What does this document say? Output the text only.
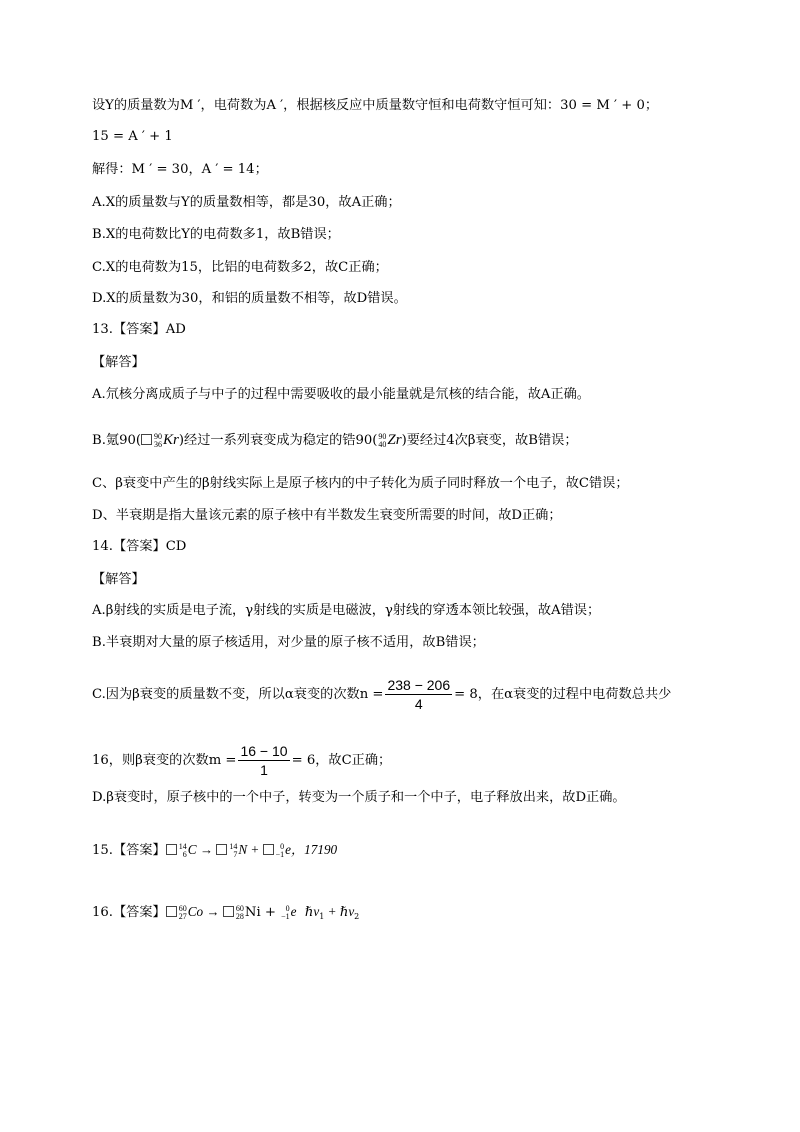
设Y的质量数为M ′，电荷数为A ′，根据核反应中质量数守恒和电荷数守恒可知：30 = M ′ + 0；
15 = A ′ + 1
解得：M ′ = 30，A ′ = 14；
A.X的质量数与Y的质量数相等，都是30，故A正确；
B.X的电荷数比Y的电荷数多1，故B错误；
C.X的电荷数为15，比铝的电荷数多2，故C正确；
D.X的质量数为30，和铝的质量数不相等，故D错误。
13.【答案】AD
【解答】
A.氘核分离成质子与中子的过程中需要吸收的最小能量就是氘核的结合能，故A正确。
B.氪90( 90
36 Kr)经过一系列衰变成为稳定的锆90( 90
40 Zr)要经过4次β衰变，故B错误；
C、β衰变中产生的β射线实际上是原子核内的中子转化为质子同时释放一个电子，故C错误；
D、半衰期是指大量该元素的原子核中有半数发生衰变所需要的时间，故D正确；
14.【答案】CD
【解答】
A.β射线的实质是电子流，γ射线的实质是电磁波，γ射线的穿透本领比较强，故A错误；
B.半衰期对大量的原子核适用，对少量的原子核不适用，故B错误；
C.因为β衰变的质量数不变，所以α衰变的次数$n = \frac{238 - 206}{4} = 8$，在α衰变的过程中电荷数总共少
16，则β衰变的次数$m = \frac{16 - 10}{1} = 6$，故C正确；
D.β衰变时，原子核中的一个中子，转变为一个质子和一个中子，电子释放出来，故D正确。
15.【答案】 14
6 C → 14
7 N +	0
−1 e，17190
16.【答案】 60
27 Co → 60
28 Ni + 0
−1 e ℏν$_1$ + ℏν$_2$
